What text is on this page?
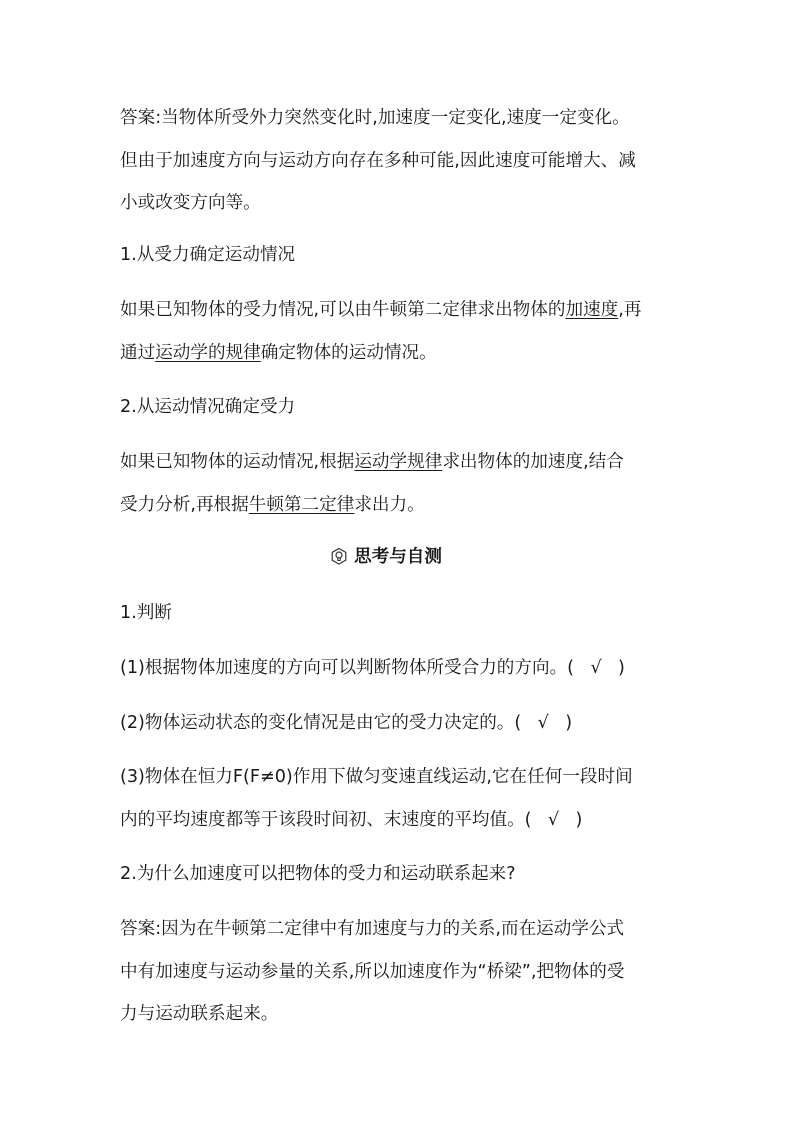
答案:当物体所受外力突然变化时,加速度一定变化,速度一定变化。
但由于加速度方向与运动方向存在多种可能,因此速度可能增大、减
小或改变方向等。
1.从受力确定运动情况
如果已知物体的受力情况,可以由牛顿第二定律求出物体的加速度,再
通过运动学的规律确定物体的运动情况。
2.从运动情况确定受力
如果已知物体的运动情况,根据运动学规律求出物体的加速度,结合
受力分析,再根据牛顿第二定律求出力。
思考与自测
1.判断
(1)根据物体加速度的方向可以判断物体所受合力的方向。( √ )
(2)物体运动状态的变化情况是由它的受力决定的。( √ )
(3)物体在恒力F(F≠0)作用下做匀变速直线运动,它在任何一段时间
内的平均速度都等于该段时间初、末速度的平均值。( √ )
2.为什么加速度可以把物体的受力和运动联系起来?
答案:因为在牛顿第二定律中有加速度与力的关系,而在运动学公式
中有加速度与运动参量的关系,所以加速度作为“桥梁”,把物体的受
力与运动联系起来。
